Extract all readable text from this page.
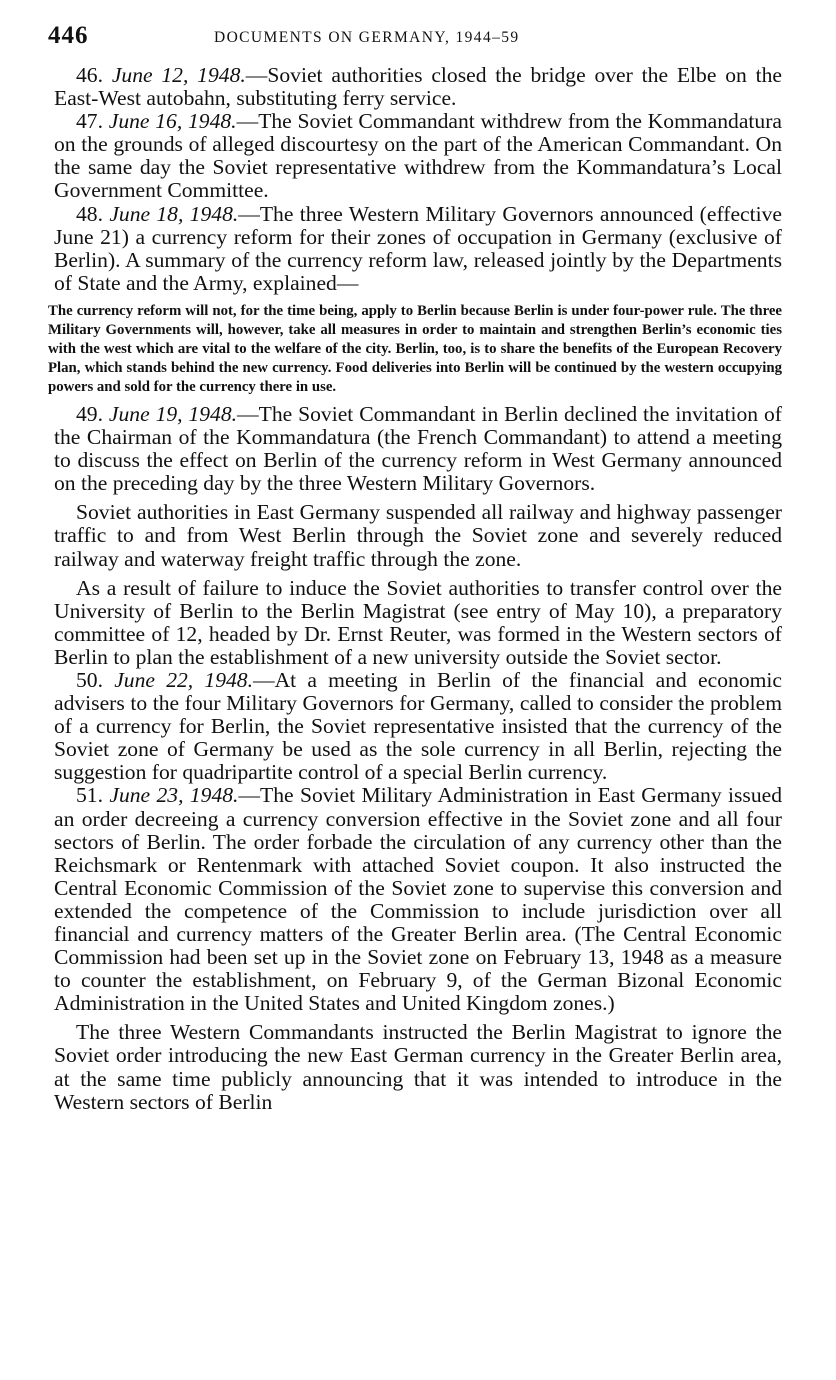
446	DOCUMENTS ON GERMANY, 1944–59

46. June 12, 1948.—Soviet authorities closed the bridge over the Elbe on the East-West autobahn, substituting ferry service.

47. June 16, 1948.—The Soviet Commandant withdrew from the Kommandatura on the grounds of alleged discourtesy on the part of the American Commandant. On the same day the Soviet representative withdrew from the Kommandatura’s Local Government Committee.

48. June 18, 1948.—The three Western Military Governors announced (effective June 21) a currency reform for their zones of occupation in Germany (exclusive of Berlin). A summary of the currency reform law, released jointly by the Departments of State and the Army, explained—

The currency reform will not, for the time being, apply to Berlin because Berlin is under four-power rule. The three Military Governments will, however, take all measures in order to maintain and strengthen Berlin’s economic ties with the west which are vital to the welfare of the city. Berlin, too, is to share the benefits of the European Recovery Plan, which stands behind the new currency. Food deliveries into Berlin will be continued by the western occupying powers and sold for the currency there in use.

49. June 19, 1948.—The Soviet Commandant in Berlin declined the invitation of the Chairman of the Kommandatura (the French Commandant) to attend a meeting to discuss the effect on Berlin of the currency reform in West Germany announced on the preceding day by the three Western Military Governors.

Soviet authorities in East Germany suspended all railway and highway passenger traffic to and from West Berlin through the Soviet zone and severely reduced railway and waterway freight traffic through the zone.

As a result of failure to induce the Soviet authorities to transfer control over the University of Berlin to the Berlin Magistrat (see entry of May 10), a preparatory committee of 12, headed by Dr. Ernst Reuter, was formed in the Western sectors of Berlin to plan the establishment of a new university outside the Soviet sector.

50. June 22, 1948.—At a meeting in Berlin of the financial and economic advisers to the four Military Governors for Germany, called to consider the problem of a currency for Berlin, the Soviet representative insisted that the currency of the Soviet zone of Germany be used as the sole currency in all Berlin, rejecting the suggestion for quadripartite control of a special Berlin currency.

51. June 23, 1948.—The Soviet Military Administration in East Germany issued an order decreeing a currency conversion effective in the Soviet zone and all four sectors of Berlin. The order forbade the circulation of any currency other than the Reichsmark or Rentenmark with attached Soviet coupon. It also instructed the Central Economic Commission of the Soviet zone to supervise this conversion and extended the competence of the Commission to include jurisdiction over all financial and currency matters of the Greater Berlin area. (The Central Economic Commission had been set up in the Soviet zone on February 13, 1948 as a measure to counter the establishment, on February 9, of the German Bizonal Economic Administration in the United States and United Kingdom zones.)

The three Western Commandants instructed the Berlin Magistrat to ignore the Soviet order introducing the new East German currency in the Greater Berlin area, at the same time publicly announcing that it was intended to introduce in the Western sectors of Berlin
